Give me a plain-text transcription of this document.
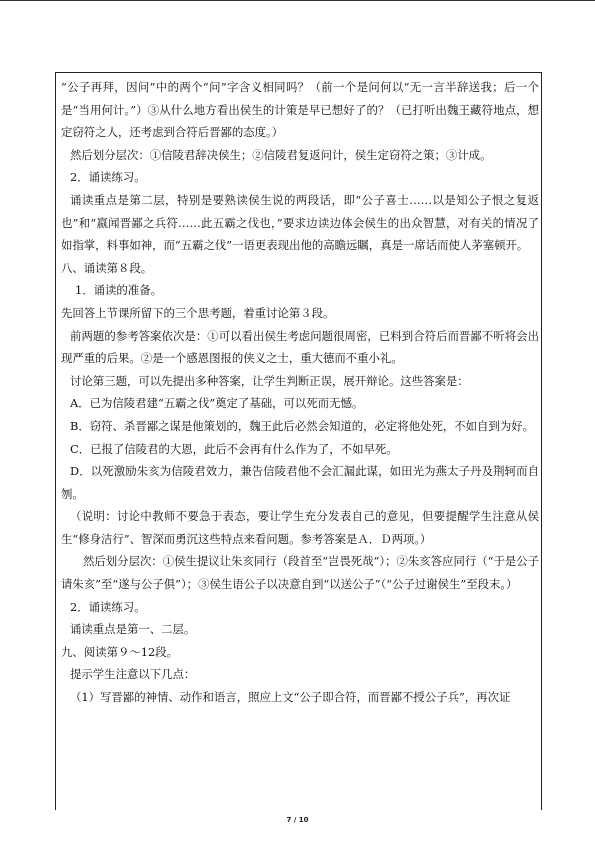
“公子再拜，因问”中的两个“问”字含义相同吗？（前一个是问何以“无一言半辞送我；后一个是“当用何计。”）③从什么地方看出侯生的计策是早已想好了的？（已打听出魏王藏符地点，想定窃符之人，还考虑到合符后晋鄙的态度。）

然后划分层次：①信陵君辞决侯生；②信陵君复返问计，侯生定窃符之策；③计成。

2．诵读练习。

诵读重点是第二层，特别是要熟读侯生说的两段话，即“公子喜士……以是知公子恨之复返也”和“嬴闻晋鄙之兵符……此五霸之伐也，”要求边读边体会侯生的出众智慧，对有关的情况了如指掌，料事如神，而“五霸之伐”一语更表现出他的高瞻远瞩，真是一席话而使人茅塞顿开。

八、诵读第８段。

1．诵读的准备。

先回答上节课所留下的三个思考题，着重讨论第３段。

前两题的参考答案依次是：①可以看出侯生考虑问题很周密，已料到合符后而晋鄙不听将会出现严重的后果。②是一个感恩图报的侠义之士，重大德而不重小礼。

讨论第三题，可以先提出多种答案，让学生判断正误，展开辩论。这些答案是：

A．已为信陵君建“五霸之伐”奠定了基础，可以死而无憾。

B．窃符、杀晋鄙之谋是他策划的，魏王此后必然会知道的，必定将他处死，不如自到为好。

C．已报了信陵君的大恩，此后不会再有什么作为了，不如早死。

D．以死激励朱亥为信陵君效力，兼告信陵君他不会汇漏此谋，如田光为燕太子丹及荆轲而自刎。

（说明：讨论中教师不要急于表态，要让学生充分发表自己的意见，但要提醒学生注意从侯生“修身洁行”、智深而勇沉这些特点来看问题。参考答案是Ａ．Ｄ两项。）

然后划分层次：①侯生提议让朱亥同行（段首至“岂畏死哉”）；②朱亥答应同行（“于是公子请朱亥”至“遂与公子俱”）；③侯生语公子以决意自到“以送公子”（“公子过谢侯生”至段末。）

2．诵读练习。

诵读重点是第一、二层。

九、阅读第９～12段。

提示学生注意以下几点：

（1）写晋鄙的神情、动作和语言，照应上文“公子即合符，而晋鄙不授公子兵”，再次证

7 / 10
